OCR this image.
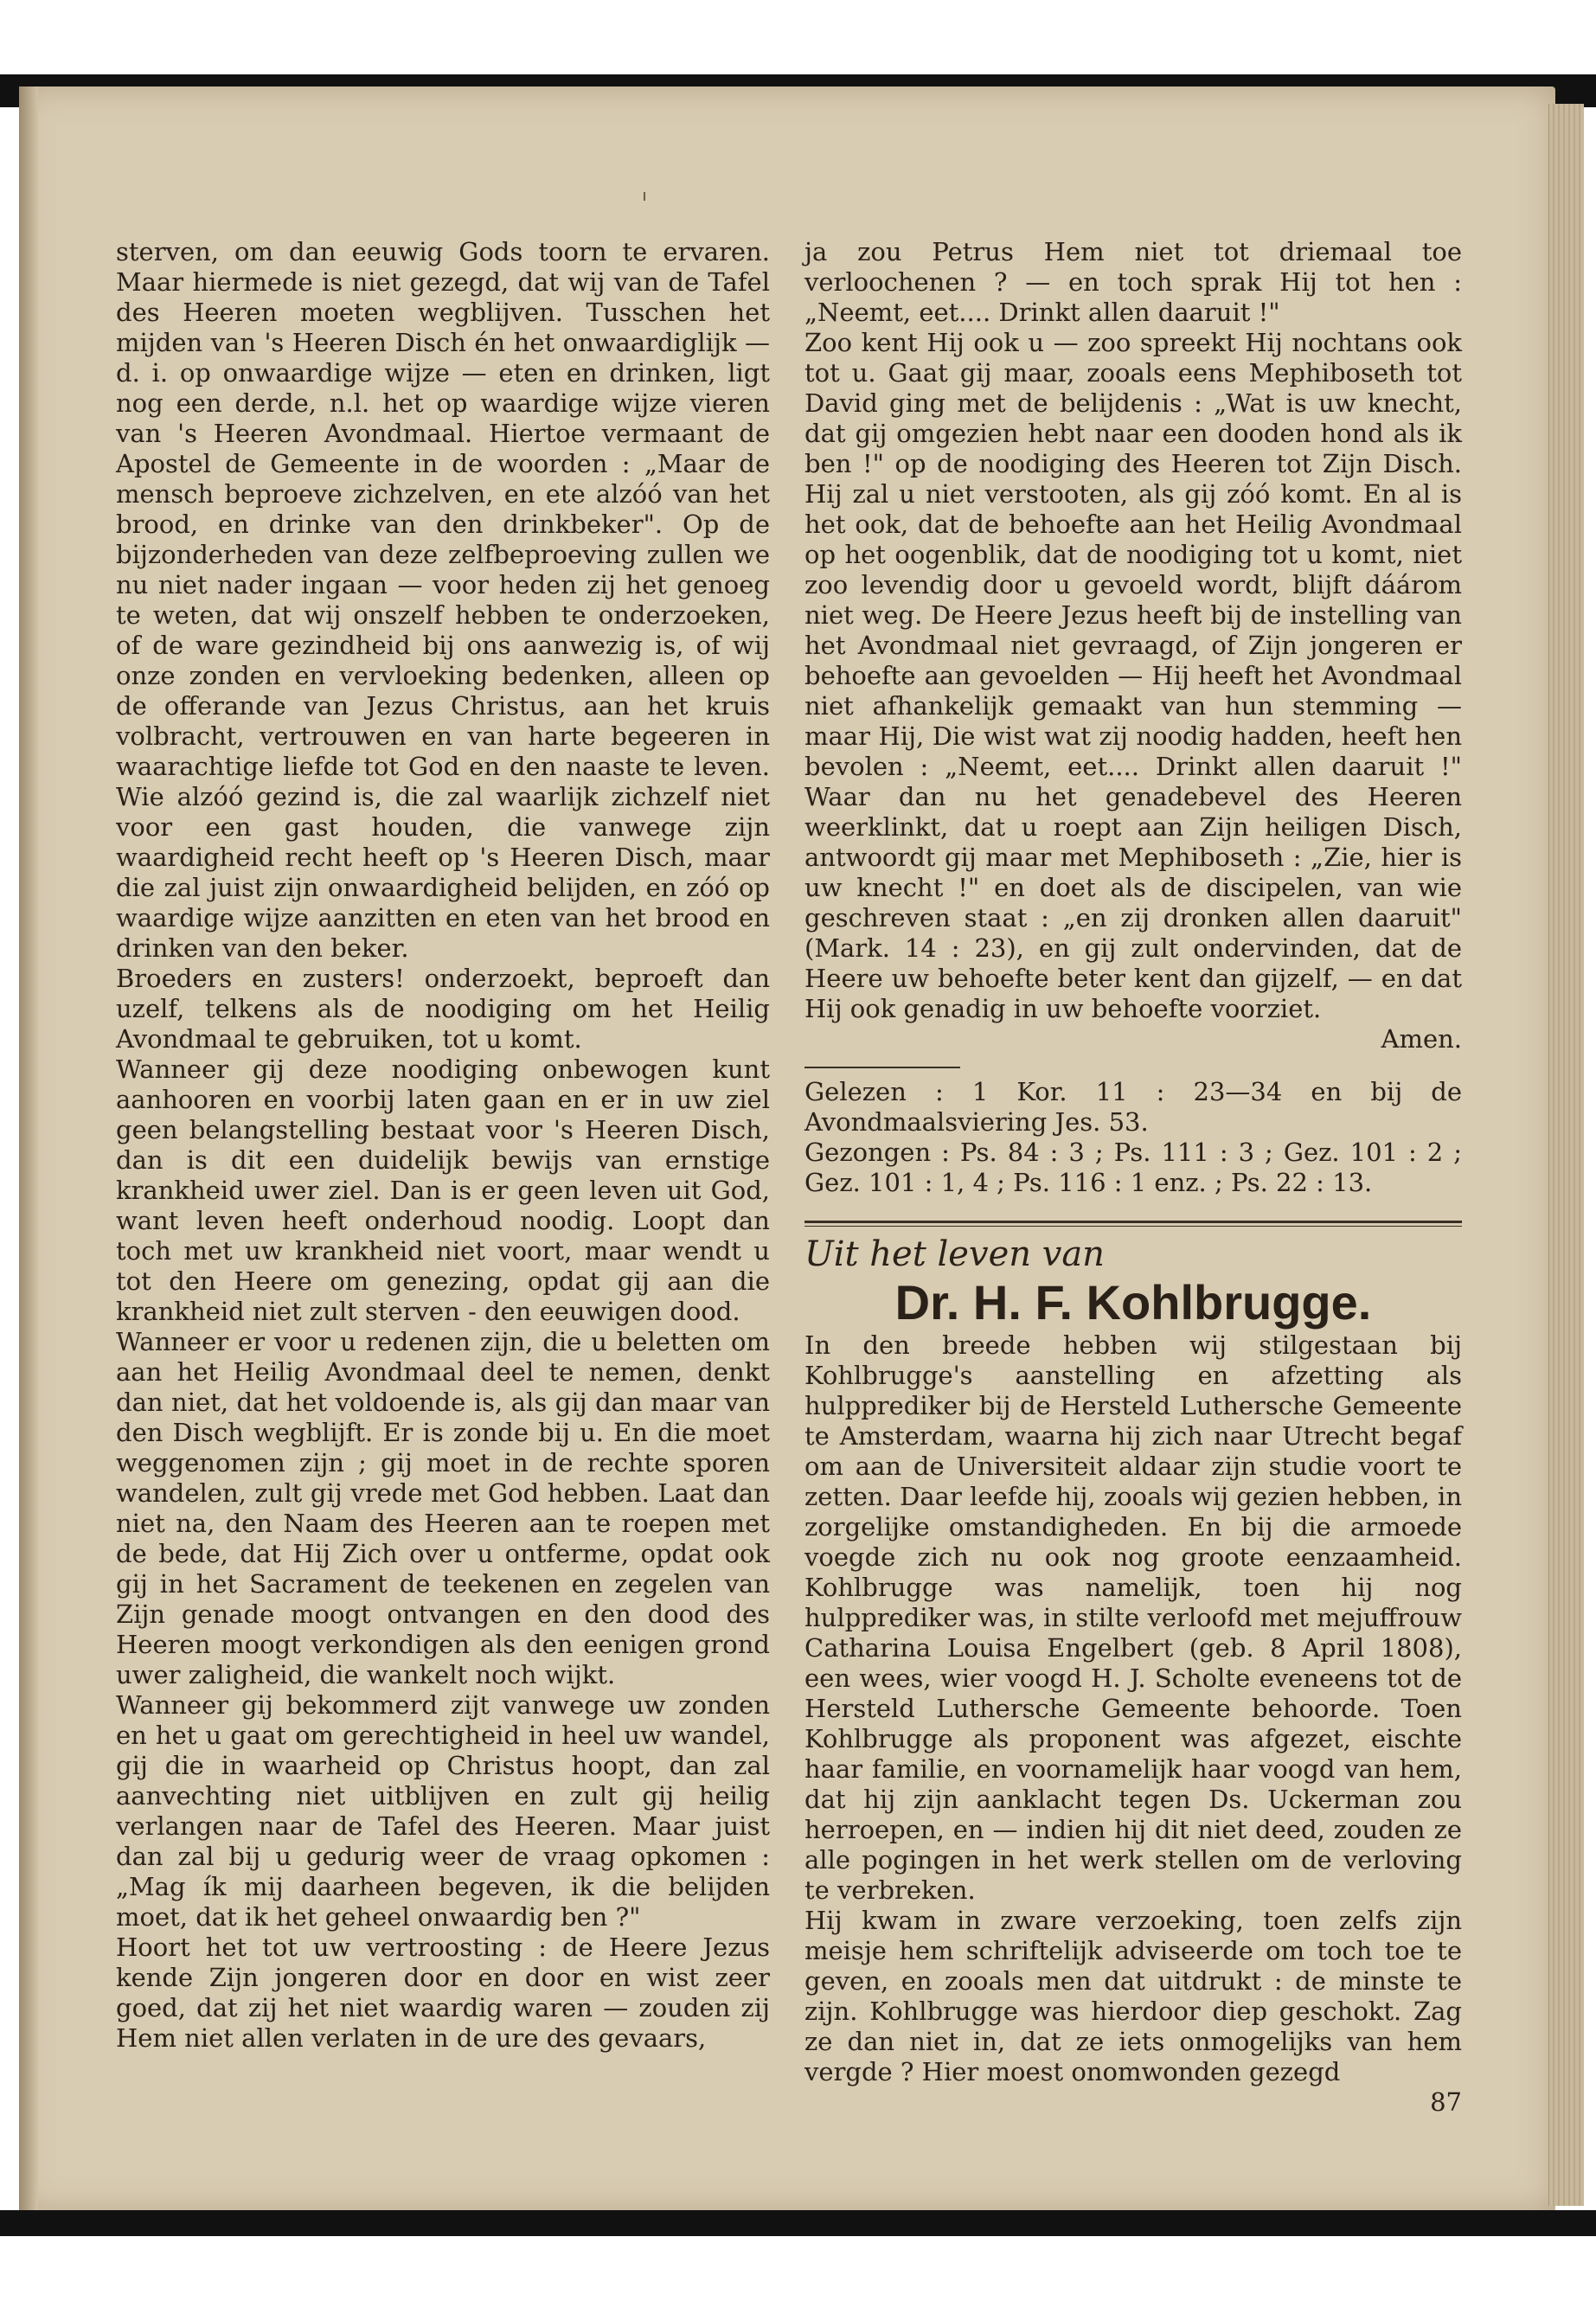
sterven, om dan eeuwig Gods toorn te ervaren. Maar hiermede is niet gezegd, dat wij van de Tafel des Heeren moeten wegblijven. Tusschen het mijden van 's Heeren Disch én het onwaardiglijk — d. i. op onwaardige wijze — eten en drinken, ligt nog een derde, n.l. het op waardige wijze vieren van 's Heeren Avondmaal. Hiertoe vermaant de Apostel de Gemeente in de woorden : „Maar de mensch beproeve zichzelven, en ete alzóó van het brood, en drinke van den drinkbeker". Op de bijzonderheden van deze zelfbeproeving zullen we nu niet nader ingaan — voor heden zij het genoeg te weten, dat wij onszelf hebben te onderzoeken, of de ware gezindheid bij ons aanwezig is, of wij onze zonden en vervloeking bedenken, alleen op de offerande van Jezus Christus, aan het kruis volbracht, vertrouwen en van harte begeeren in waarachtige liefde tot God en den naaste te leven. Wie alzóó gezind is, die zal waarlijk zichzelf niet voor een gast houden, die vanwege zijn waardigheid recht heeft op 's Heeren Disch, maar die zal juist zijn onwaardigheid belijden, en zóó op waardige wijze aanzitten en eten van het brood en drinken van den beker.

Broeders en zusters! onderzoekt, beproeft dan uzelf, telkens als de noodiging om het Heilig Avondmaal te gebruiken, tot u komt.

Wanneer gij deze noodiging onbewogen kunt aanhooren en voorbij laten gaan en er in uw ziel geen belangstelling bestaat voor 's Heeren Disch, dan is dit een duidelijk bewijs van ernstige krankheid uwer ziel. Dan is er geen leven uit God, want leven heeft onderhoud noodig. Loopt dan toch met uw krankheid niet voort, maar wendt u tot den Heere om genezing, opdat gij aan die krankheid niet zult sterven - den eeuwigen dood.

Wanneer er voor u redenen zijn, die u beletten om aan het Heilig Avondmaal deel te nemen, denkt dan niet, dat het voldoende is, als gij dan maar van den Disch wegblijft. Er is zonde bij u. En die moet weggenomen zijn ; gij moet in de rechte sporen wandelen, zult gij vrede met God hebben. Laat dan niet na, den Naam des Heeren aan te roepen met de bede, dat Hij Zich over u ontferme, opdat ook gij in het Sacrament de teekenen en zegelen van Zijn genade moogt ontvangen en den dood des Heeren moogt verkondigen als den eenigen grond uwer zaligheid, die wankelt noch wijkt.

Wanneer gij bekommerd zijt vanwege uw zonden en het u gaat om gerechtigheid in heel uw wandel, gij die in waarheid op Christus hoopt, dan zal aanvechting niet uitblijven en zult gij heilig verlangen naar de Tafel des Heeren. Maar juist dan zal bij u gedurig weer de vraag opkomen : „Mag ík mij daarheen begeven, ik die belijden moet, dat ik het geheel onwaardig ben ?"

Hoort het tot uw vertroosting : de Heere Jezus kende Zijn jongeren door en door en wist zeer goed, dat zij het niet waardig waren — zouden zij Hem niet allen verlaten in de ure des gevaars,

ja zou Petrus Hem niet tot driemaal toe verloochenen ? — en toch sprak Hij tot hen : „Neemt, eet.... Drinkt allen daaruit !"

Zoo kent Hij ook u — zoo spreekt Hij nochtans ook tot u. Gaat gij maar, zooals eens Mephiboseth tot David ging met de belijdenis : „Wat is uw knecht, dat gij omgezien hebt naar een dooden hond als ik ben !" op de noodiging des Heeren tot Zijn Disch. Hij zal u niet verstooten, als gij zóó komt. En al is het ook, dat de behoefte aan het Heilig Avondmaal op het oogenblik, dat de noodiging tot u komt, niet zoo levendig door u gevoeld wordt, blijft dáárom niet weg. De Heere Jezus heeft bij de instelling van het Avondmaal niet gevraagd, of Zijn jongeren er behoefte aan gevoelden — Hij heeft het Avondmaal niet afhankelijk gemaakt van hun stemming — maar Hij, Die wist wat zij noodig hadden, heeft hen bevolen : „Neemt, eet.... Drinkt allen daaruit !" Waar dan nu het genadebevel des Heeren weerklinkt, dat u roept aan Zijn heiligen Disch, antwoordt gij maar met Mephiboseth : „Zie, hier is uw knecht !" en doet als de discipelen, van wie geschreven staat : „en zij dronken allen daaruit" (Mark. 14 : 23), en gij zult ondervinden, dat de Heere uw behoefte beter kent dan gijzelf, — en dat Hij ook genadig in uw behoefte voorziet.

Amen.

Gelezen : 1 Kor. 11 : 23—34 en bij de Avondmaalsviering Jes. 53.

Gezongen : Ps. 84 : 3 ; Ps. 111 : 3 ; Gez. 101 : 2 ; Gez. 101 : 1, 4 ; Ps. 116 : 1 enz. ; Ps. 22 : 13.

Uit het leven van

Dr. H. F. Kohlbrugge.

In den breede hebben wij stilgestaan bij Kohlbrugge's aanstelling en afzetting als hulpprediker bij de Hersteld Luthersche Gemeente te Amsterdam, waarna hij zich naar Utrecht begaf om aan de Universiteit aldaar zijn studie voort te zetten. Daar leefde hij, zooals wij gezien hebben, in zorgelijke omstandigheden. En bij die armoede voegde zich nu ook nog groote eenzaamheid. Kohlbrugge was namelijk, toen hij nog hulpprediker was, in stilte verloofd met mejuffrouw Catharina Louisa Engelbert (geb. 8 April 1808), een wees, wier voogd H. J. Scholte eveneens tot de Hersteld Luthersche Gemeente behoorde. Toen Kohlbrugge als proponent was afgezet, eischte haar familie, en voornamelijk haar voogd van hem, dat hij zijn aanklacht tegen Ds. Uckerman zou herroepen, en — indien hij dit niet deed, zouden ze alle pogingen in het werk stellen om de verloving te verbreken.

Hij kwam in zware verzoeking, toen zelfs zijn meisje hem schriftelijk adviseerde om toch toe te geven, en zooals men dat uitdrukt : de minste te zijn. Kohlbrugge was hierdoor diep geschokt. Zag ze dan niet in, dat ze iets onmogelijks van hem vergde ? Hier moest onomwonden gezegd

87
